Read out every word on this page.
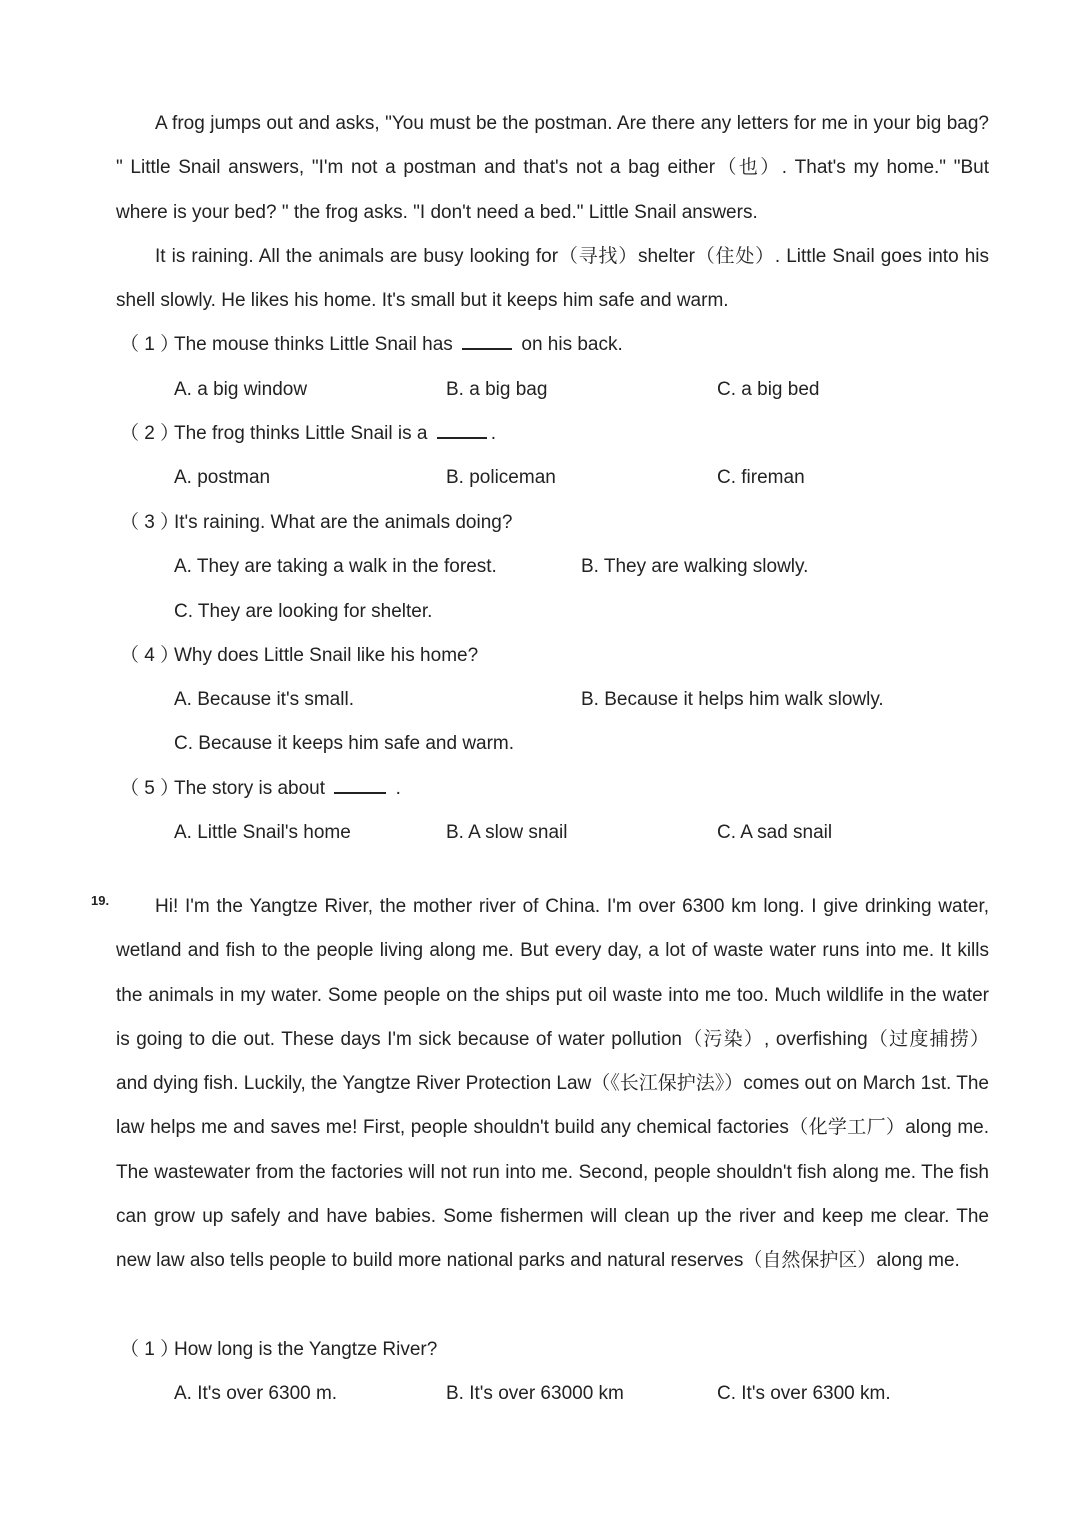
A frog jumps out and asks, "You must be the postman. Are there any letters for me in your big bag? " Little Snail answers, "I'm not a postman and that's not a bag either（也）. That's my home." "But where is your bed? " the frog asks. "I don't need a bed." Little Snail answers.

It is raining. All the animals are busy looking for（寻找）shelter（住处）. Little Snail goes into his shell slowly. He likes his home. It's small but it keeps him safe and warm.

（ 1 ）The mouse thinks Little Snail has	on his back.
A. a big window	B. a big bag	C. a big bed
（ 2 ）The frog thinks Little Snail is a	.
A. postman	B. policeman	C. fireman
（ 3 ）It's raining. What are the animals doing?
A. They are taking a walk in the forest.	B. They are walking slowly.
C. They are looking for shelter.
（ 4 ）Why does Little Snail like his home?
A. Because it's small.	B. Because it helps him walk slowly.
C. Because it keeps him safe and warm.
（ 5 ）The story is about	.
A. Little Snail's home	B. A slow snail	C. A sad snail
19.	Hi! I'm the Yangtze River, the mother river of China. I'm over 6300 km long. I give drinking water, wetland and fish to the people living along me. But every day, a lot of waste water runs into me. It kills the animals in my water. Some people on the ships put oil waste into me too. Much wildlife in the water is going to die out. These days I'm sick because of water pollution（污染）, overfishing（过度捕捞）and dying fish. Luckily, the Yangtze River Protection Law（《长江保护法》）comes out on March 1st. The law helps me and saves me! First, people shouldn't build any chemical factories（化学工厂）along me. The wastewater from the factories will not run into me. Second, people shouldn't fish along me. The fish can grow up safely and have babies. Some fishermen will clean up the river and keep me clear. The new law also tells people to build more national parks and natural reserves（自然保护区）along me.

（ 1 ）How long is the Yangtze River?
A. It's over 6300 m.	B. It's over 63000 km	C. It's over 6300 km.
